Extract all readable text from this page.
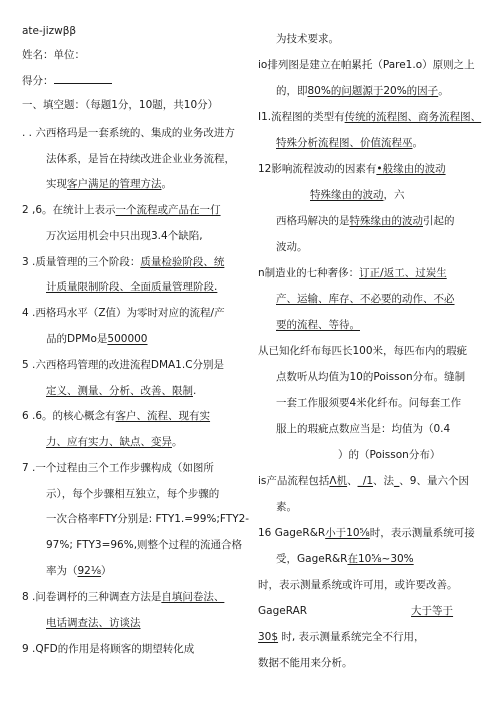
ate-jizwββ
姓名：单位：
得分：
一、填空题：（每题1分，10题，共10分）
. . 六西格玛是一套系统的、集成的业务改进方
法体系，是旨在持续改进企业业务流程，
实现客户满足的管理方法。
2 ,6。在统计上表示一个流程或产品在一仃
万次运用机会中只出现3.4个缺陷,
3 .质量管理的三个阶段：质量检验阶段、统
计质量限制阶段、全面质量管理阶段.
4 .西格玛水平（Z值）为零时对应的流程/产
品的DPMo是500000
5 .六西格玛管理的改进流程DMA1.C分别是
定义、测量、分析、改善、限制.
6 .6。的核心概念有客户、流程、现有实
力、应有实力、缺点、变异。
7 .一个过程由三个工作步骤构成（如图所
示），每个步骤相互独立，每个步骤的
一次合格率FTY分别是: FTY1.=99%;FTY2-
97%; FTY3=96%,则整个过程的流通合格
率为（92⅛）
8 .问卷调杼的三种调查方法是自填问卷法、
电话调查法、访谈法
9 .QFD的作用是将顾客的期望转化成
为技术要求。
io排列图是建立在帕累托（Pare1.o）原则之上
的，即80%的问题源于20%的因子。
I1.流程图的类型有传统的流程图、商务流程图、
特殊分析流程图、价值流程巫。
12影响流程波动的因素有•般缘由的波动
特殊缘由的波动，六
西格玛解决的是特殊缘由的波动引起的
波动。
n制造业的七种奢侈：订正/返工、过炭生
产、运输、库存、不必要的动作、不必
要的流程、等待。
从已知化纤布每匹长100米，每匹布内的瑕疵
点数听从均值为10的Poisson分布。缝制
一套工作服须要4米化纤布。问每套工作
服上的瑕疵点数应当是：均值为（0.4
）的（Poisson分布）
is产品流程包括Λ机、_/1、法_、9、量六个因
素。
16 GageR&R小于10⅝时，表示测量系统可接
受，GageR&R在10⅝~30%
时，表示测量系统或许可用，或许要改善。
GageRAR	大于等于
30$ 时, 表示测量系统完全不行用，
数据不能用来分析。
